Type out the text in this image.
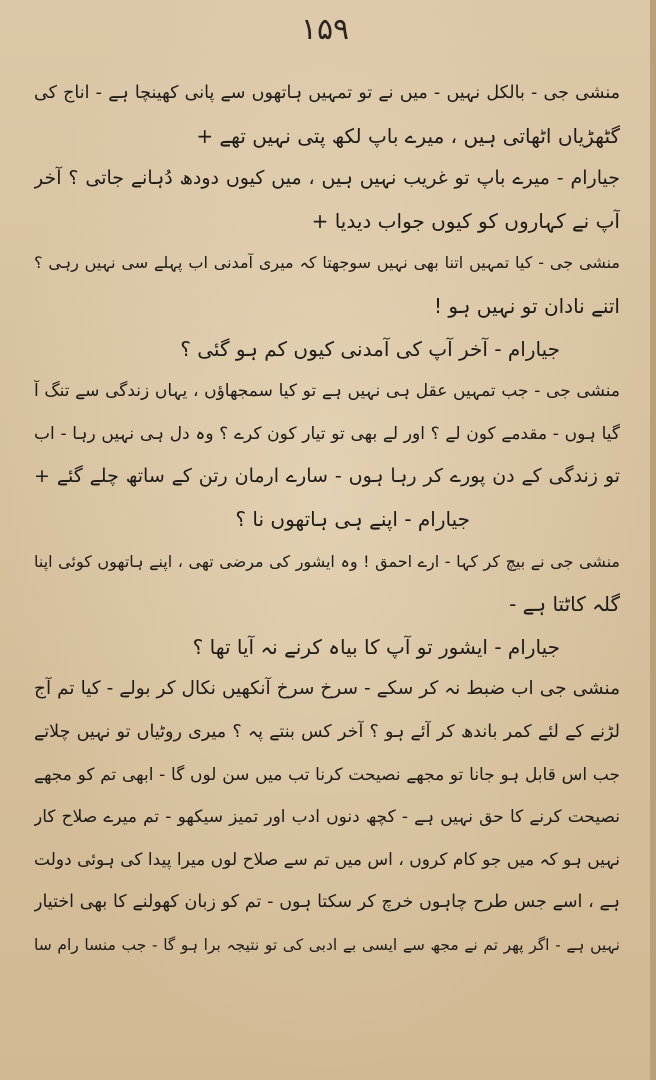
۱۵۹
منشی جی - بالکل نہیں - میں نے تو تمہیں ہاتھوں سے پانی کھینچا ہے - اناج کی
گٹھڑیاں اٹھاتی ہیں ، میرے باپ لکھ پتی نہیں تھے +
جیارام - میرے باپ تو غریب نہیں ہیں ، میں کیوں دودھ دُہانے جاتی ؟ آخر
آپ نے کہاروں کو کیوں جواب دیدیا +
منشی جی - کیا تمہیں اتنا بھی نہیں سوجھتا کہ میری آمدنی اب پہلے سی نہیں رہی ؟
اتنے نادان تو نہیں ہو !
جیارام - آخر آپ کی آمدنی کیوں کم ہو گئی ؟
منشی جی - جب تمہیں عقل ہی نہیں ہے تو کیا سمجھاؤں ، یہاں زندگی سے تنگ آ
گیا ہوں - مقدمے کون لے ؟ اور لے بھی تو تیار کون کرے ؟ وہ دل ہی نہیں رہا - اب
تو زندگی کے دن پورے کر رہا ہوں - سارے ارمان رتن کے ساتھ چلے گئے +
جیارام - اپنے ہی ہاتھوں نا ؟
منشی جی نے بیچ کر کہا - ارے احمق ! وہ ایشور کی مرضی تھی ، اپنے ہاتھوں کوئی اپنا
گلہ کاٹتا ہے -
جیارام - ایشور تو آپ کا بیاہ کرنے نہ آیا تھا ؟
منشی جی اب ضبط نہ کر سکے - سرخ سرخ آنکھیں نکال کر بولے - کیا تم آج
لڑنے کے لئے کمر باندھ کر آئے ہو ؟ آخر کس بنتے پہ ؟ میری روٹیاں تو نہیں چلاتے
جب اس قابل ہو جانا تو مجھے نصیحت کرنا تب میں سن لوں گا - ابھی تم کو مجھے
نصیحت کرنے کا حق نہیں ہے - کچھ دنوں ادب اور تمیز سیکھو - تم میرے صلاح کار
نہیں ہو کہ میں جو کام کروں ، اس میں تم سے صلاح لوں میرا پیدا کی ہوئی دولت
ہے ، اسے جس طرح چاہوں خرچ کر سکتا ہوں - تم کو زبان کھولنے کا بھی اختیار
نہیں ہے - اگر پھر تم نے مجھ سے ایسی بے ادبی کی تو نتیجہ برا ہو گا - جب منسا رام سا
